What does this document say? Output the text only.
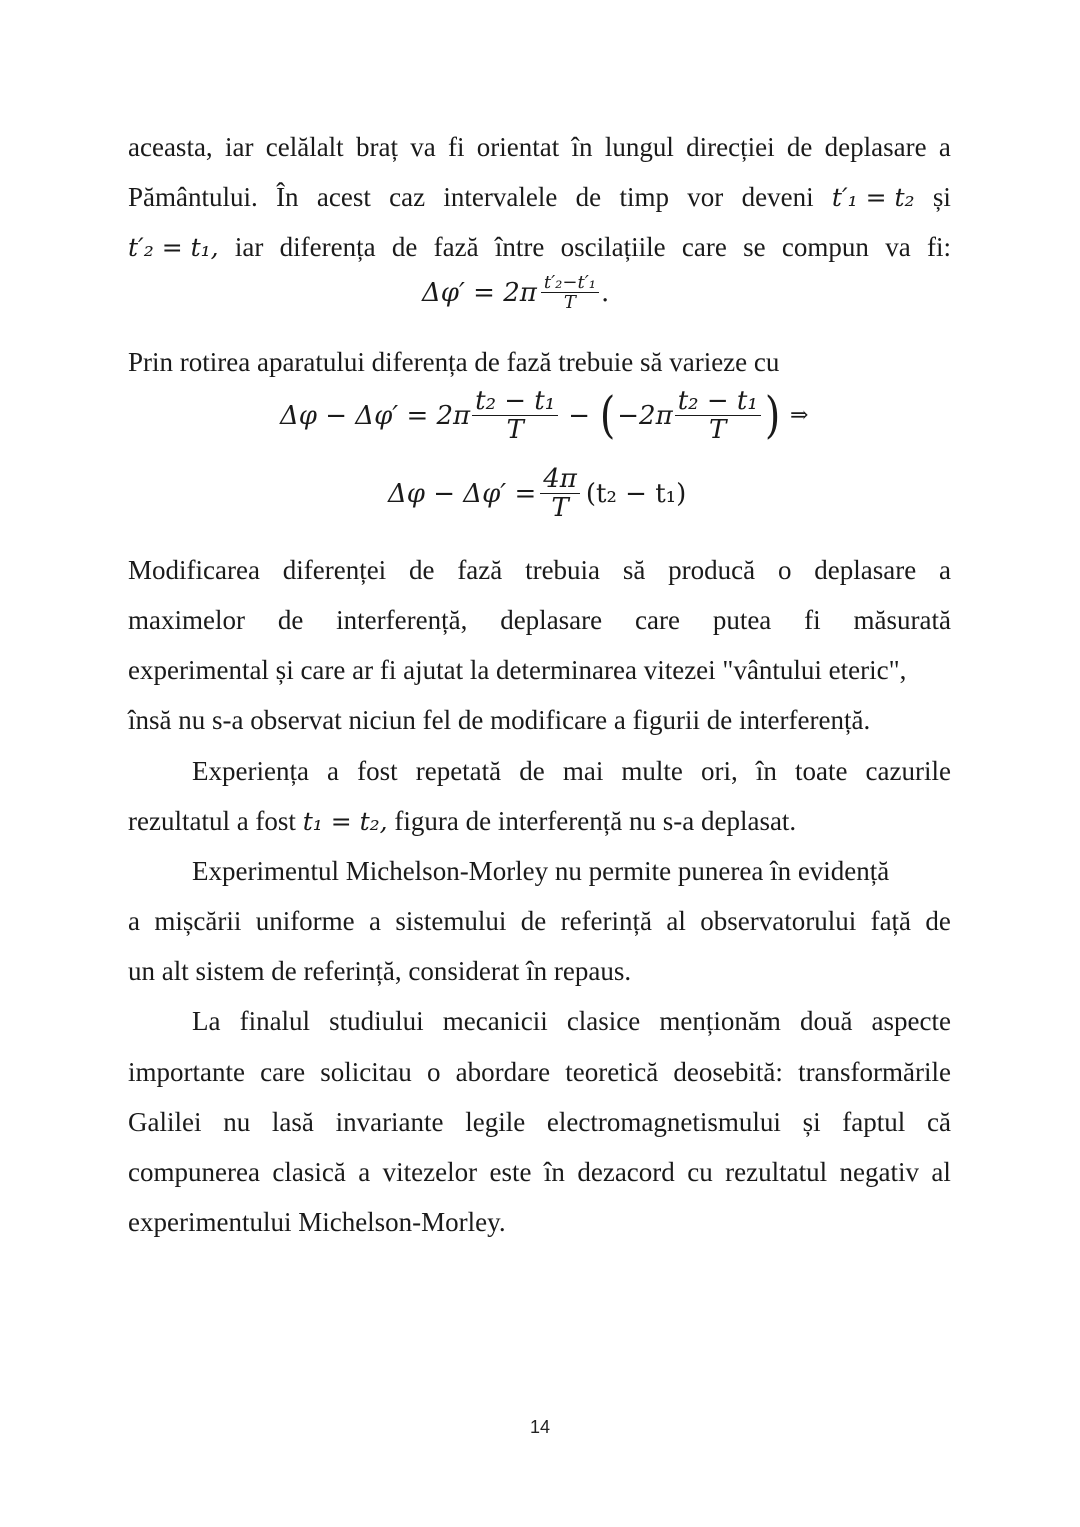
aceasta, iar celălalt braț va fi orientat în lungul direcției de deplasare a
Pământului. În acest caz intervalele de timp vor deveni t′₁ = t₂ și
t′₂ = t₁, iar diferența de fază între oscilațiile care se compun va fi:
$\Delta\varphi' = 2\pi \frac{\text{t′₂−t′₁}}{T}$ .
Prin rotirea aparatului diferența de fază trebuie să varieze cu
$\Delta\varphi - \Delta\varphi' = 2\pi \frac{\text{t₂ − t₁}}{T}$ − ( $-2\pi \frac{\text{t₂ − t₁}}{T}$ ) ⇒
$\Delta\varphi - \Delta\varphi' = \frac{4\pi}{T} (t_2 - t_1)$
Modificarea diferenței de fază trebuia să producă o deplasare a
maximelor de interferență, deplasare care putea fi măsurată
experimental și care ar fi ajutat la determinarea vitezei "vântului eteric",
însă nu s-a observat niciun fel de modificare a figurii de interferență.
Experiența a fost repetată de mai multe ori, în toate cazurile
rezultatul a fost t₁ = t₂, figura de interferență nu s-a deplasat.
Experimentul Michelson-Morley nu permite punerea în evidență
a mișcării uniforme a sistemului de referință al observatorului față de
un alt sistem de referință, considerat în repaus.
La finalul studiului mecanicii clasice menționăm două aspecte
importante care solicitau o abordare teoretică deosebită: transformările
Galilei nu lasă invariante legile electromagnetismului și faptul că
compunerea clasică a vitezelor este în dezacord cu rezultatul negativ al
experimentului Michelson-Morley.
14
